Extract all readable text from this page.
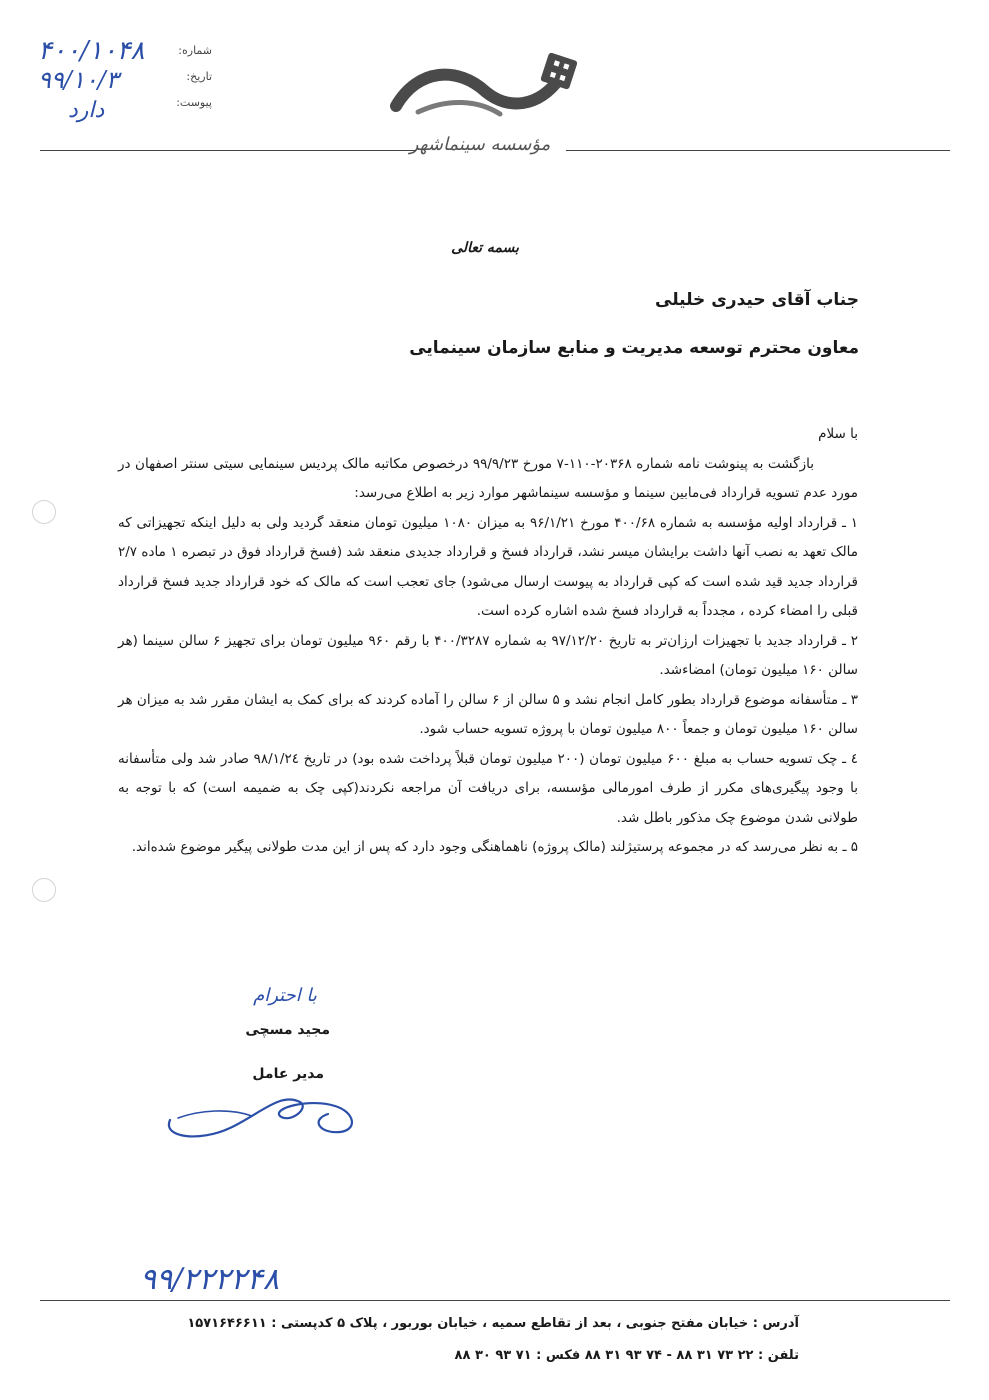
شماره:
تاریخ:
پیوست:
۴۰۰/۱۰۴۸
۹۹/۱۰/۳
دارد
مؤسسه سینماشهر
بسمه تعالی
جناب آقای حیدری خلیلی
معاون محترم توسعه مدیریت و منابع سازمان سینمایی

با سلام

بازگشت به پینوشت نامه شماره ۲۰۳۶۸-۱۱۰-۷ مورخ ۹۹/۹/۲۳ درخصوص مکاتبه مالک پردیس سینمایی سیتی سنتر اصفهان در مورد عدم تسویه قرارداد فی‌مابین سینما و مؤسسه سینماشهر موارد زیر به اطلاع می‌رسد:

۱ ـ قرارداد اولیه مؤسسه به شماره ۴۰۰/۶۸ مورخ ۹۶/۱/۲۱ به میزان ۱۰۸۰ میلیون تومان منعقد گردید ولی به دلیل اینکه تجهیزاتی که مالک تعهد به نصب آنها داشت برایشان میسر نشد، قرارداد فسخ و قرارداد جدیدی منعقد شد (فسخ قرارداد فوق در تبصره ۱ ماده ۲/۷ قرارداد جدید قید شده است که کپی قرارداد به پیوست ارسال می‌شود) جای تعجب است که مالک که خود قرارداد جدید فسخ قرارداد قبلی را امضاء کرده ، مجدداً به قرارداد فسخ شده اشاره کرده است.

۲ ـ قرارداد جدید با تجهیزات ارزان‌تر به تاریخ ۹۷/۱۲/۲۰ به شماره ۴۰۰/۳۲۸۷ با رقم ۹۶۰ میلیون تومان برای تجهیز ۶ سالن سینما (هر سالن ۱۶۰ میلیون تومان) امضاءشد.

۳ ـ متأسفانه موضوع قرارداد بطور کامل انجام نشد و ۵ سالن از ۶ سالن را آماده کردند که برای کمک به ایشان مقرر شد به میزان هر سالن ۱۶۰ میلیون تومان و جمعاً ۸۰۰ میلیون تومان با پروژه تسویه حساب شود.

٤ ـ چک تسویه حساب به مبلغ ۶۰۰ میلیون تومان (۲۰۰ میلیون تومان قبلاً پرداخت شده بود) در تاریخ ۹۸/۱/۲٤ صادر شد ولی متأسفانه با وجود پیگیری‌های مکرر از طرف امورمالی مؤسسه، برای دریافت آن مراجعه نکردند(کپی چک به ضمیمه است) که با توجه به طولانی شدن موضوع چک مذکور باطل شد.

۵ ـ به نظر می‌رسد که در مجموعه پرستیژلند (مالک پروژه) ناهماهنگی وجود دارد که پس از این مدت طولانی پیگیر موضوع شده‌اند.

با احترام
مجید مسچی
مدیر عامل
۹۹/۲۲۲۲۴۸
آدرس : خیابان مفتح جنوبی ، بعد از تقاطع سمیه ، خیابان بوربور ، پلاک ۵ کدپستی : ۱۵۷۱۶۴۶۶۱۱
تلفن : ۲۲ ۷۳ ۳۱ ۸۸ - ۷۴ ۹۳ ۳۱ ۸۸ فکس : ۷۱ ۹۳ ۳۰ ۸۸
